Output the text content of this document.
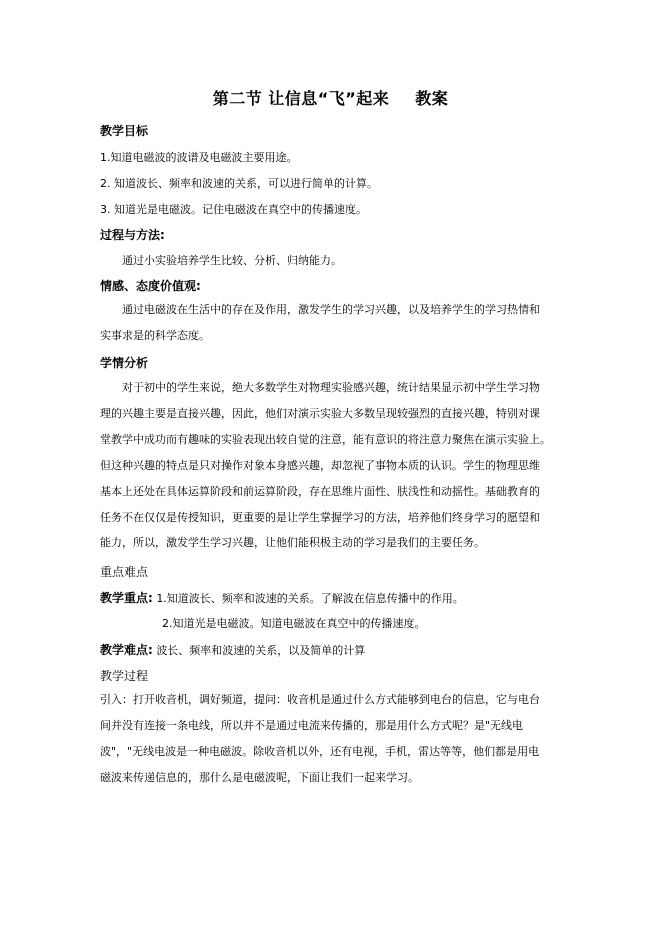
第二节 让信息“飞”起来 教案
教学目标
1.知道电磁波的波谱及电磁波主要用途。
2. 知道波长、频率和波速的关系，可以进行简单的计算。
3. 知道光是电磁波。记住电磁波在真空中的传播速度。
过程与方法:
通过小实验培养学生比较、分析、归纳能力。
情感、态度价值观:
通过电磁波在生活中的存在及作用，激发学生的学习兴趣，以及培养学生的学习热情和
实事求是的科学态度。
学情分析
对于初中的学生来说，绝大多数学生对物理实验感兴趣，统计结果显示初中学生学习物
理的兴趣主要是直接兴趣，因此，他们对演示实验大多数呈现较强烈的直接兴趣，特别对课
堂教学中成功而有趣味的实验表现出较自觉的注意，能有意识的将注意力聚焦在演示实验上。
但这种兴趣的特点是只对操作对象本身感兴趣，却忽视了事物本质的认识。学生的物理思维
基本上还处在具体运算阶段和前运算阶段，存在思维片面性、肤浅性和动摇性。基础教育的
任务不在仅仅是传授知识，更重要的是让学生掌握学习的方法，培养他们终身学习的愿望和
能力，所以，激发学生学习兴趣，让他们能积极主动的学习是我们的主要任务。
重点难点
教学重点: 1.知道波长、频率和波速的关系。了解波在信息传播中的作用。
2.知道光是电磁波。知道电磁波在真空中的传播速度。
教学难点: 波长、频率和波速的关系，以及简单的计算
教学过程
引入：打开收音机，调好频道，提问：收音机是通过什么方式能够到电台的信息，它与电台
间并没有连接一条电线，所以并不是通过电流来传播的，那是用什么方式呢？是"无线电
波"，"无线电波是一种电磁波。除收音机以外，还有电视，手机，雷达等等，他们都是用电
磁波来传递信息的，那什么是电磁波呢，下面让我们一起来学习。
